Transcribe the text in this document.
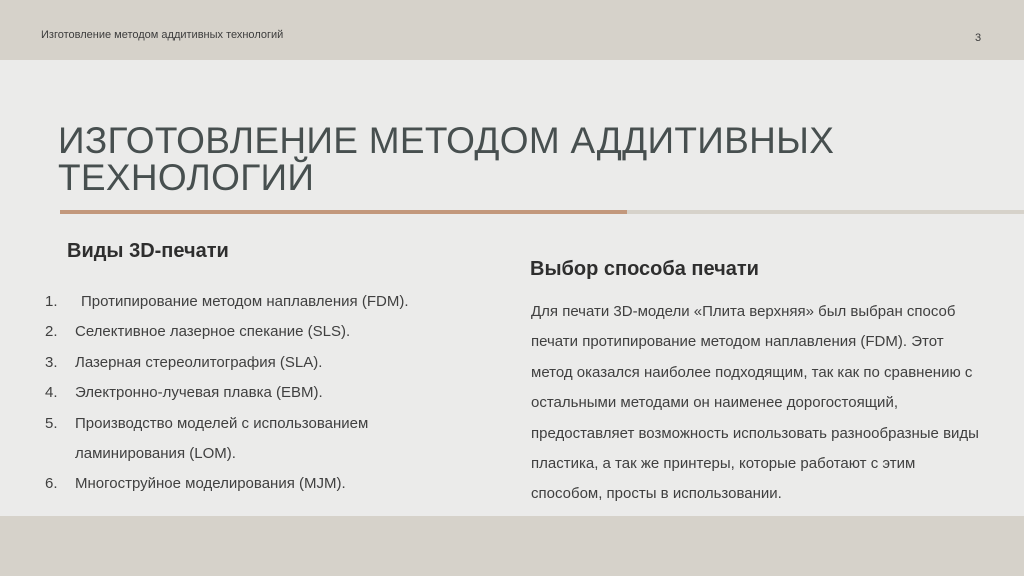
Изготовление методом аддитивных технологий	3
ИЗГОТОВЛЕНИЕ МЕТОДОМ АДДИТИВНЫХ ТЕХНОЛОГИЙ
Виды 3D-печати
1. Протипирование методом наплавления (FDM).
2. Селективное лазерное спекание (SLS).
3. Лазерная стереолитография (SLA).
4. Электронно-лучевая плавка (EBM).
5. Производство моделей с использованием ламинирования (LOM).
6. Многоструйное моделирования (MJM).
Выбор способа печати

Для печати 3D-модели «Плита верхняя» был выбран способ печати протипирование методом наплавления (FDM). Этот метод оказался наиболее подходящим, так как по сравнению с остальными методами он наименее дорогостоящий, предоставляет возможность использовать разнообразные виды пластика, а так же принтеры, которые работают с этим способом, просты в использовании.
